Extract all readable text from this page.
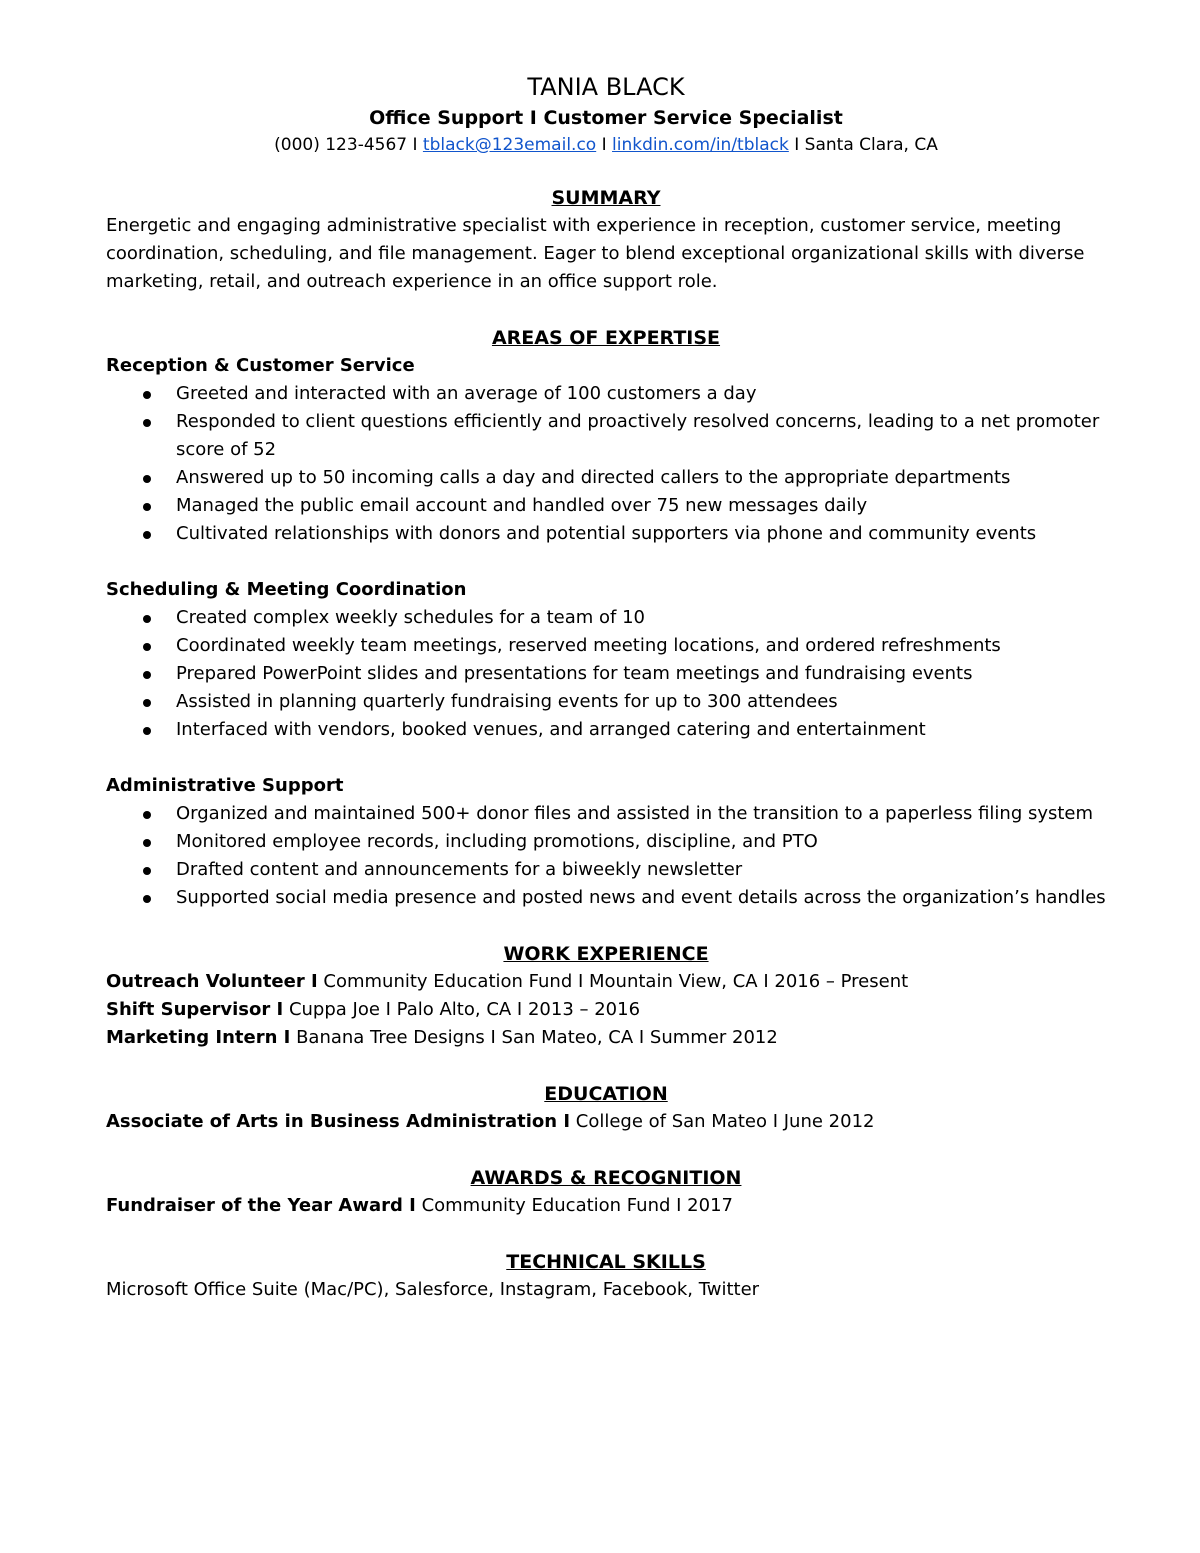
TANIA BLACK
Office Support I Customer Service Specialist
(000) 123-4567 I tblack@123email.co I linkdin.com/in/tblack I Santa Clara, CA
SUMMARY

Energetic and engaging administrative specialist with experience in reception, customer service, meeting coordination, scheduling, and file management. Eager to blend exceptional organizational skills with diverse marketing, retail, and outreach experience in an office support role.

AREAS OF EXPERTISE

Reception & Customer Service

Greeted and interacted with an average of 100 customers a day
Responded to client questions efficiently and proactively resolved concerns, leading to a net promoter score of 52
Answered up to 50 incoming calls a day and directed callers to the appropriate departments
Managed the public email account and handled over 75 new messages daily
Cultivated relationships with donors and potential supporters via phone and community events

Scheduling & Meeting Coordination

Created complex weekly schedules for a team of 10
Coordinated weekly team meetings, reserved meeting locations, and ordered refreshments
Prepared PowerPoint slides and presentations for team meetings and fundraising events
Assisted in planning quarterly fundraising events for up to 300 attendees
Interfaced with vendors, booked venues, and arranged catering and entertainment

Administrative Support

Organized and maintained 500+ donor files and assisted in the transition to a paperless filing system
Monitored employee records, including promotions, discipline, and PTO
Drafted content and announcements for a biweekly newsletter
Supported social media presence and posted news and event details across the organization’s handles
WORK EXPERIENCE

Outreach Volunteer I Community Education Fund I Mountain View, CA I 2016 – Present

Shift Supervisor I Cuppa Joe I Palo Alto, CA I 2013 – 2016

Marketing Intern I Banana Tree Designs I San Mateo, CA I Summer 2012

EDUCATION

Associate of Arts in Business Administration I College of San Mateo I June 2012

AWARDS & RECOGNITION

Fundraiser of the Year Award I Community Education Fund I 2017

TECHNICAL SKILLS

Microsoft Office Suite (Mac/PC), Salesforce, Instagram, Facebook, Twitter
